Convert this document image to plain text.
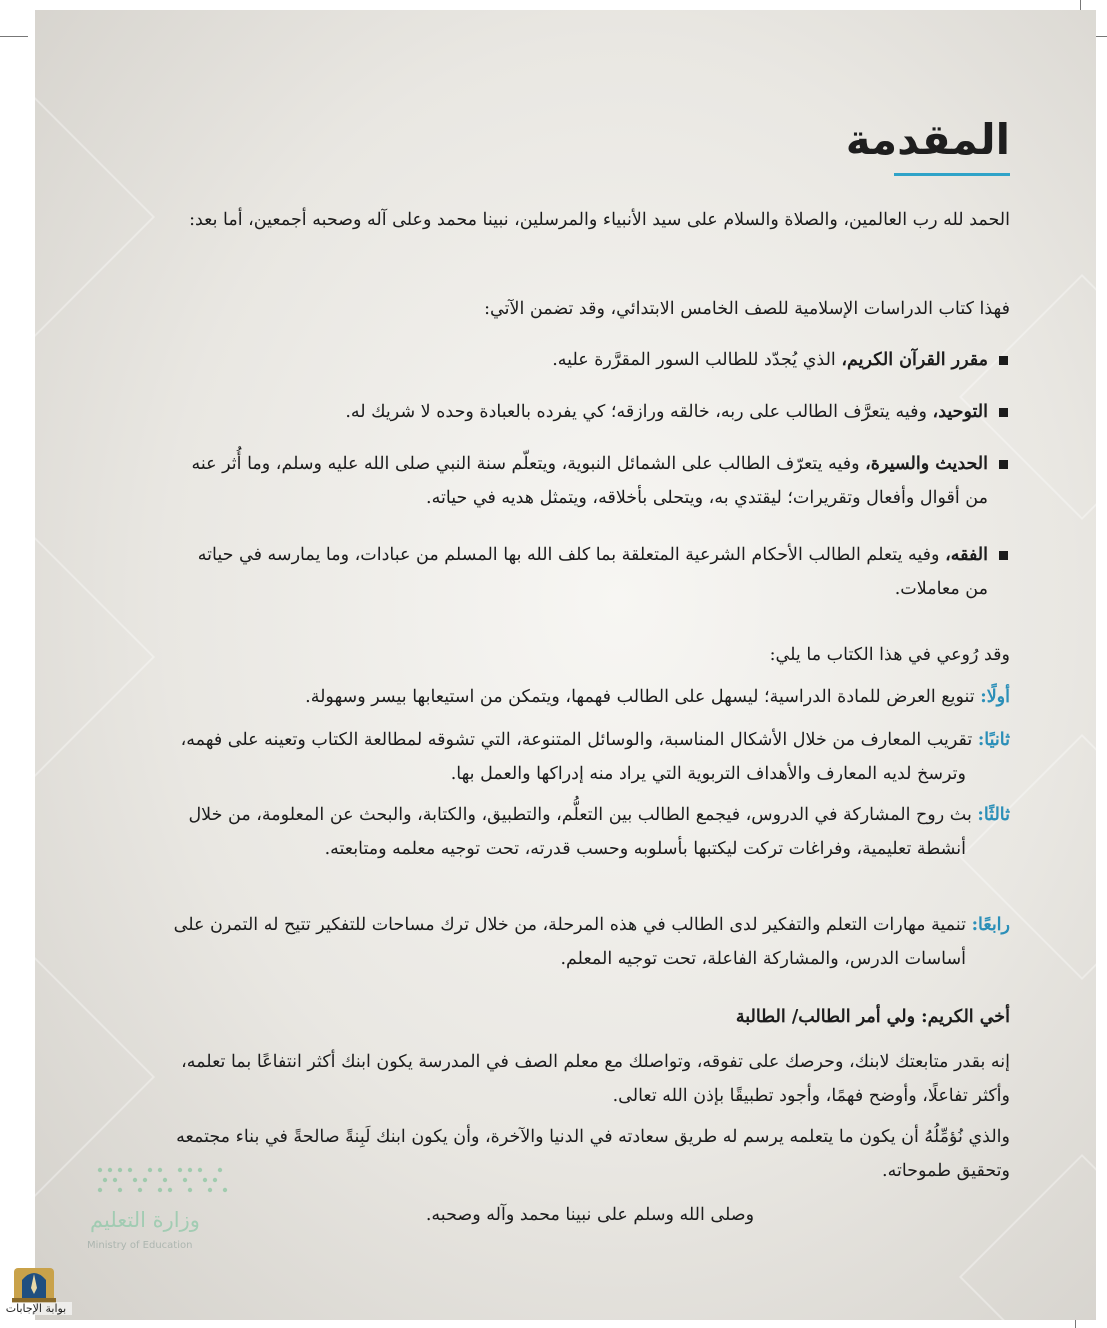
المقدمة

الحمد لله رب العالمين، والصلاة والسلام على سيد الأنبياء والمرسلين، نبينا محمد وعلى آله وصحبه أجمعين، أما بعد:

فهذا كتاب الدراسات الإسلامية للصف الخامس الابتدائي، وقد تضمن الآتي:

مقرر القرآن الكريم، الذي يُجدّد للطالب السور المقرَّرة عليه.

التوحيد، وفيه يتعرَّف الطالب على ربه، خالقه ورازقه؛ كي يفرده بالعبادة وحده لا شريك له.

الحديث والسيرة، وفيه يتعرّف الطالب على الشمائل النبوية، ويتعلّم سنة النبي صلى الله عليه وسلم، وما أُثر عنه من أقوال وأفعال وتقريرات؛ ليقتدي به، ويتحلى بأخلاقه، ويتمثل هديه في حياته.

الفقه، وفيه يتعلم الطالب الأحكام الشرعية المتعلقة بما كلف الله بها المسلم من عبادات، وما يمارسه في حياته من معاملات.

وقد رُوعي في هذا الكتاب ما يلي:

أولًا: تنويع العرض للمادة الدراسية؛ ليسهل على الطالب فهمها، ويتمكن من استيعابها بيسر وسهولة.

ثانيًا: تقريب المعارف من خلال الأشكال المناسبة، والوسائل المتنوعة، التي تشوقه لمطالعة الكتاب وتعينه على فهمه، وترسخ لديه المعارف والأهداف التربوية التي يراد منه إدراكها والعمل بها.

ثالثًا: بث روح المشاركة في الدروس، فيجمع الطالب بين التعلُّم، والتطبيق، والكتابة، والبحث عن المعلومة، من خلال أنشطة تعليمية، وفراغات تركت ليكتبها بأسلوبه وحسب قدرته، تحت توجيه معلمه ومتابعته.

رابعًا: تنمية مهارات التعلم والتفكير لدى الطالب في هذه المرحلة، من خلال ترك مساحات للتفكير تتيح له التمرن على أساسات الدرس، والمشاركة الفاعلة، تحت توجيه المعلم.

أخي الكريم: ولي أمر الطالب/ الطالبة

إنه بقدر متابعتك لابنك، وحرصك على تفوقه، وتواصلك مع معلم الصف في المدرسة يكون ابنك أكثر انتفاعًا بما تعلمه، وأكثر تفاعلًا، وأوضح فهمًا، وأجود تطبيقًا بإذن الله تعالى.

والذي نُؤمِّلُهُ أن يكون ما يتعلمه يرسم له طريق سعادته في الدنيا والآخرة، وأن يكون ابنك لَبِنةً صالحةً في بناء مجتمعه وتحقيق طموحاته.

وصلى الله وسلم على نبينا محمد وآله وصحبه.

وزارة التعليم
Ministry of Education
بوابة الإجابات
